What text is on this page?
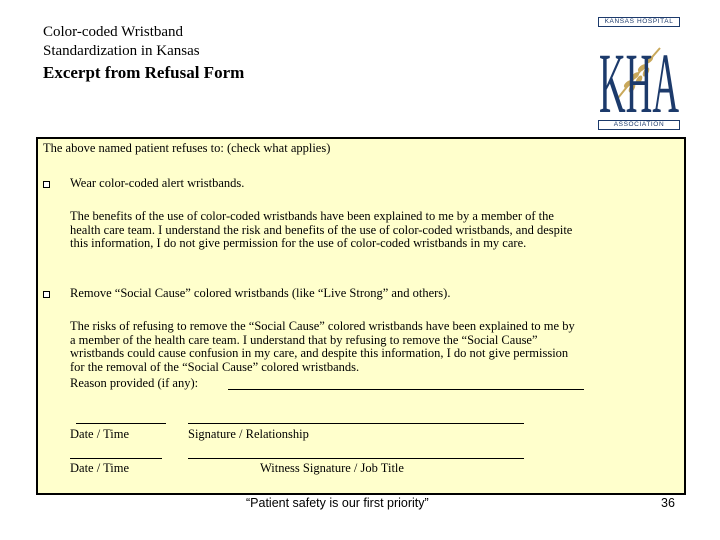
Color-coded Wristband
Standardization in Kansas
Excerpt from Refusal Form
KANSAS HOSPITAL
KHA
ASSOCIATION
The above named patient refuses to: (check what applies)
Wear color-coded alert wristbands.
The benefits of the use of color-coded wristbands have been explained to me by a member of the
health care team. I understand the risk and benefits of the use of color-coded wristbands, and despite
this information, I do not give permission for the use of color-coded wristbands in my care.
Remove “Social Cause” colored wristbands (like “Live Strong” and others).
The risks of refusing to remove the “Social Cause” colored wristbands have been explained to me by
a member of the health care team. I understand that by refusing to remove the “Social Cause”
wristbands could cause confusion in my care, and despite this information, I do not give permission
for the removal of the “Social Cause” colored wristbands.
Reason provided (if any):
Date / Time	Signature / Relationship
Date / Time	Witness Signature / Job Title
“Patient safety is our first priority”	36
